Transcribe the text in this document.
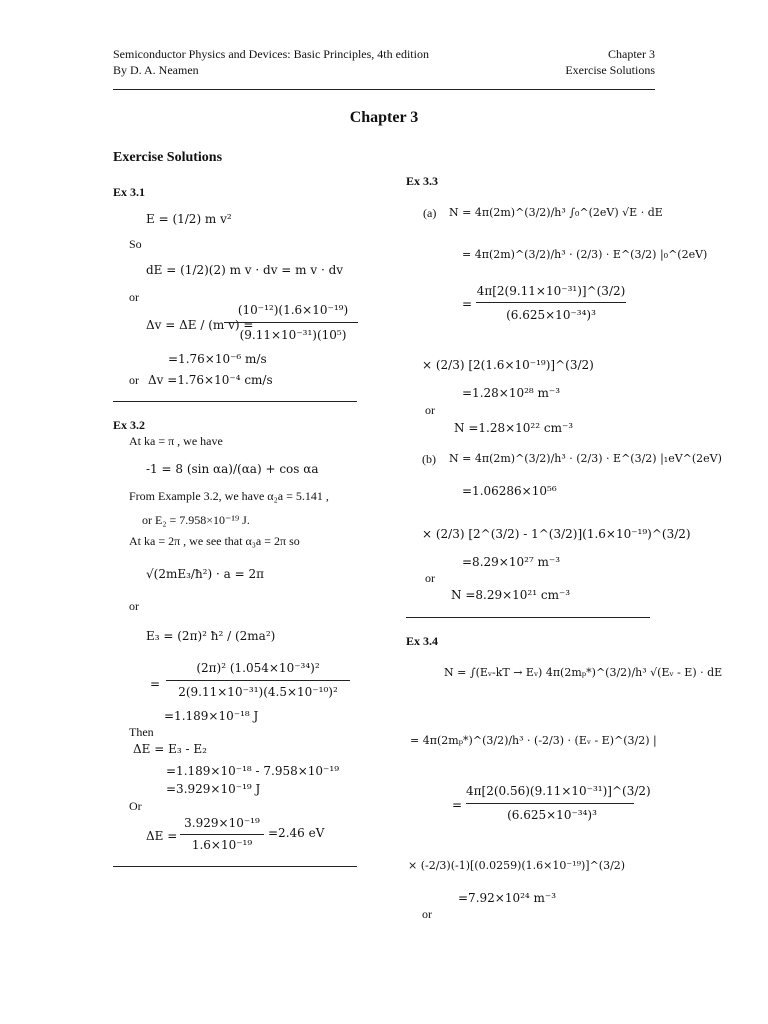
Semiconductor Physics and Devices: Basic Principles, 4th edition
By D. A. Neamen
Chapter 3
Exercise Solutions
Chapter 3
Exercise Solutions
Ex 3.1
E = (1/2) m v²
So
dE = (1/2)(2) m v · dv = m v · dv
or
Δv = ΔE / (m v) =
(10⁻¹²)(1.6×10⁻¹⁹)
(9.11×10⁻³¹)(10⁵)
=1.76×10⁻⁶ m/s
or Δv =1.76×10⁻⁴ cm/s
Ex 3.2
At ka = π , we have
-1 = 8 (sin αa)/(αa) + cos αa
From Example 3.2, we have α₂a = 5.141 ,
or E₂ = 7.958×10⁻¹⁹ J.
At ka = 2π , we see that α₃a = 2π so
√(2mE₃/ħ²) · a = 2π
or
E₃ = (2π)² ħ² / (2ma²)
=
(2π)² (1.054×10⁻³⁴)²
2(9.11×10⁻³¹)(4.5×10⁻¹⁰)²
=1.189×10⁻¹⁸ J
Then
ΔE = E₃ - E₂
=1.189×10⁻¹⁸ - 7.958×10⁻¹⁹
=3.929×10⁻¹⁹ J
Or
ΔE =
3.929×10⁻¹⁹
1.6×10⁻¹⁹
=2.46 eV
Ex 3.3
(a) N = 4π(2m)^(3/2)/h³ ∫₀^(2eV) √E · dE
= 4π(2m)^(3/2)/h³ · (2/3) · E^(3/2) |₀^(2eV)
=
4π[2(9.11×10⁻³¹)]^(3/2)
(6.625×10⁻³⁴)³
× (2/3) [2(1.6×10⁻¹⁹)]^(3/2)
=1.28×10²⁸ m⁻³
or
N =1.28×10²² cm⁻³
(b) N = 4π(2m)^(3/2)/h³ · (2/3) · E^(3/2) |₁eV^(2eV)
=1.06286×10⁵⁶
× (2/3) [2^(3/2) - 1^(3/2)](1.6×10⁻¹⁹)^(3/2)
=8.29×10²⁷ m⁻³
or
N =8.29×10²¹ cm⁻³
Ex 3.4
N = ∫(Eᵥ-kT → Eᵥ) 4π(2mₚ*)^(3/2)/h³ √(Eᵥ - E) · dE
= 4π(2mₚ*)^(3/2)/h³ · (-2/3) · (Eᵥ - E)^(3/2) |
=
4π[2(0.56)(9.11×10⁻³¹)]^(3/2)
(6.625×10⁻³⁴)³
× (-2/3)(-1)[(0.0259)(1.6×10⁻¹⁹)]^(3/2)
=7.92×10²⁴ m⁻³
or
